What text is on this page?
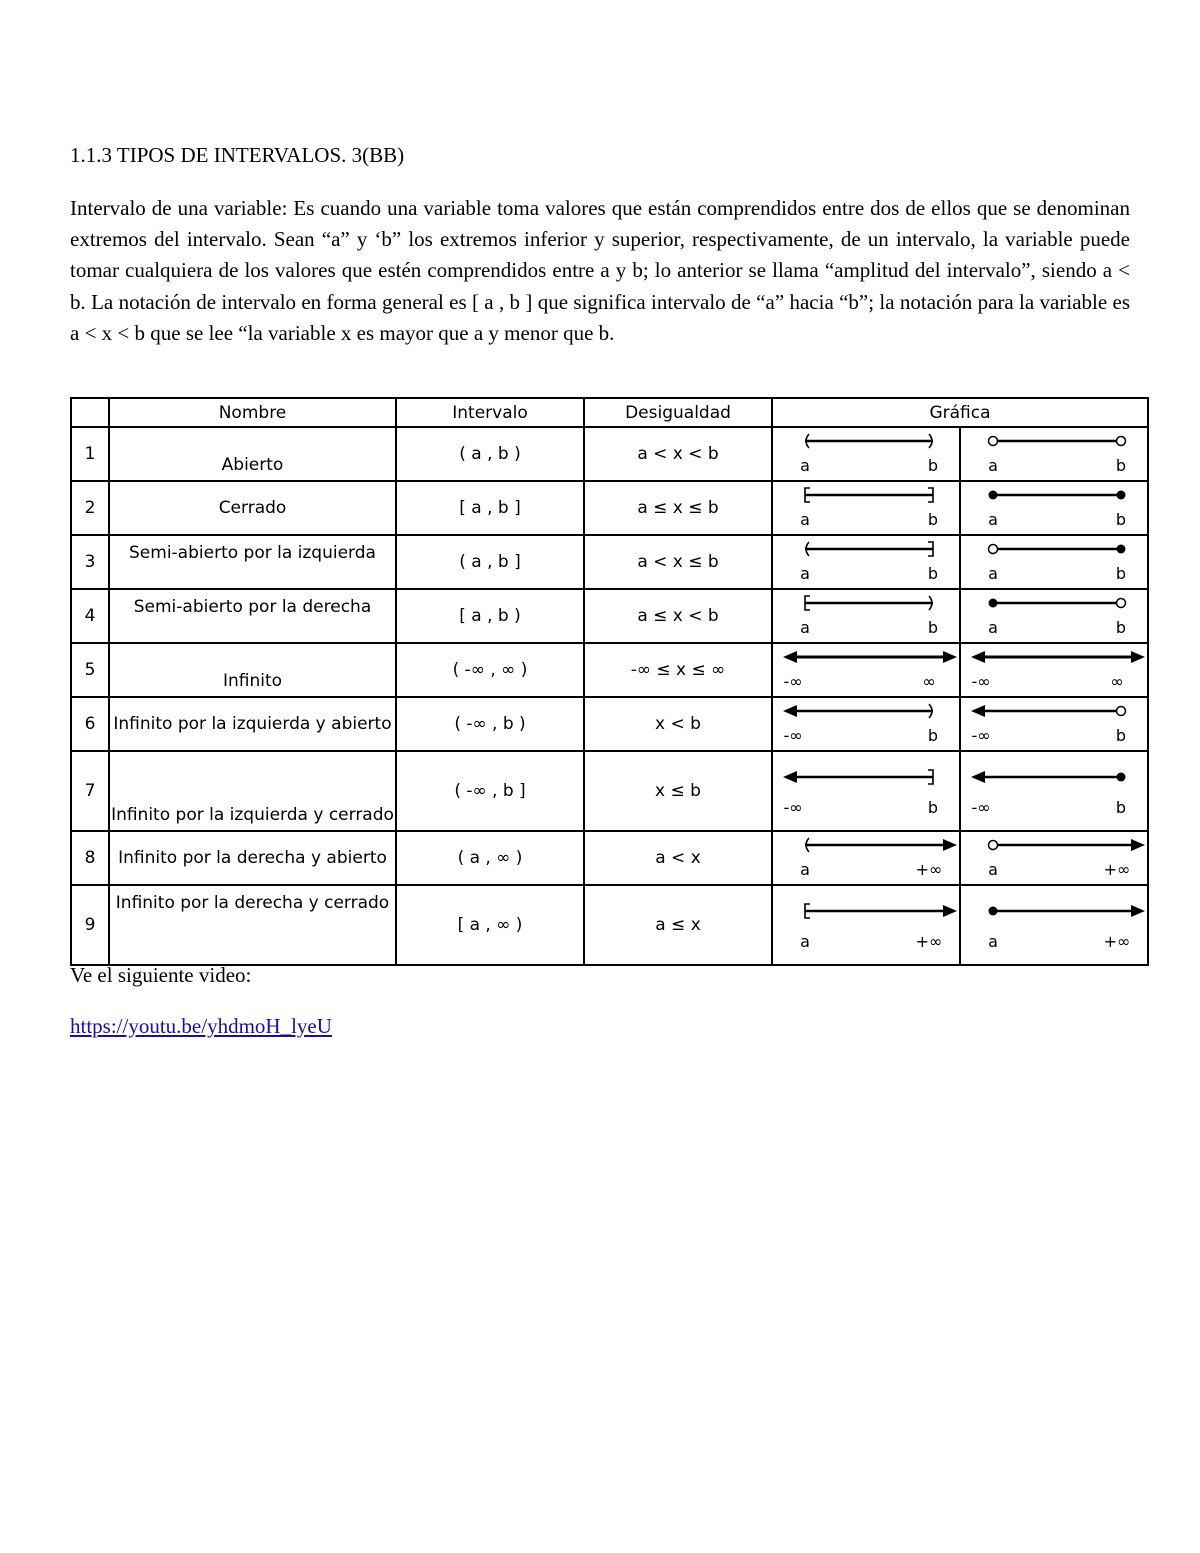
1.1.3 TIPOS DE INTERVALOS. 3(BB)

Intervalo de una variable: Es cuando una variable toma valores que están comprendidos entre dos de ellos que se denominan extremos del intervalo. Sean “a” y ‘b” los extremos inferior y superior, respectivamente, de un intervalo, la variable puede tomar cualquiera de los valores que estén comprendidos entre a y b; lo anterior se llama “amplitud del intervalo”, siendo a < b. La notación de intervalo en forma general es [ a , b ] que significa intervalo de “a” hacia “b”; la notación para la variable es a < x < b que se lee “la variable x es mayor que a y menor que b.

	Nombre	Intervalo	Desigualdad	Gráfica	
1	Abierto	( a , b )	a < x < b	a b	a b

2	Cerrado	[ a , b ]	a ≤ x ≤ b	a b	a b

3	Semi-abierto por la izquierda	( a , b ]	a < x ≤ b	a b	a b

4	Semi-abierto por la derecha	[ a , b )	a ≤ x < b	a b	a b

5	Infinito	( -∞ , ∞ )	-∞ ≤ x ≤ ∞	-∞ ∞	-∞ ∞

6	Infinito por la izquierda y abierto	( -∞ , b )	x < b	-∞ b	-∞ b

7	Infinito por la izquierda y cerrado	( -∞ , b ]	x ≤ b	-∞ b	-∞ b

8	Infinito por la derecha y abierto	( a , ∞ )	a < x	a +∞	a +∞

9	Infinito por la derecha y cerrado	[ a , ∞ )	a ≤ x	a +∞	a +∞

Ve el siguiente video:

https://youtu.be/yhdmoH_lyeU
